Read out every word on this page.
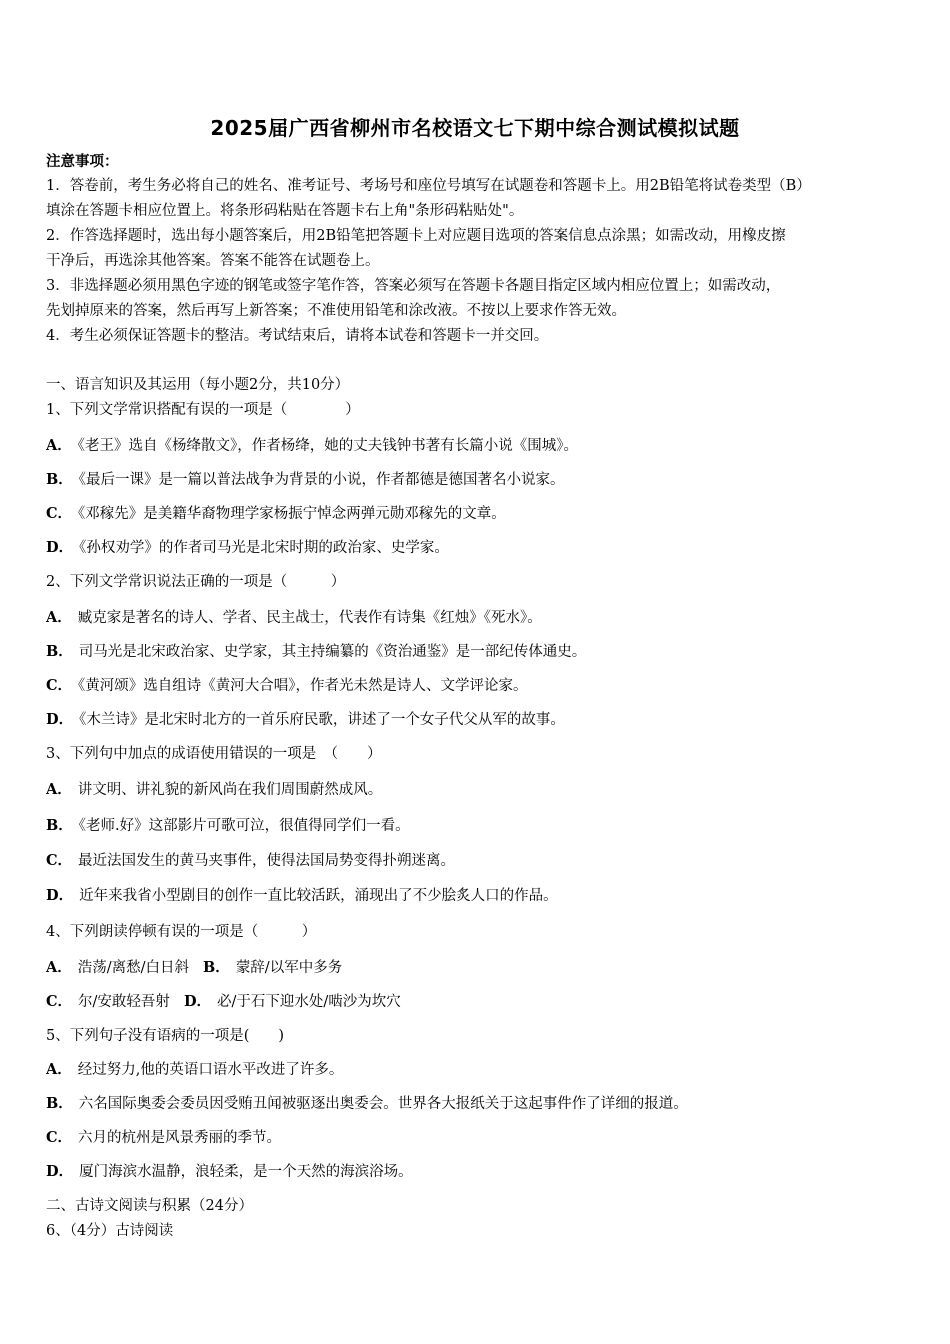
2025届广西省柳州市名校语文七下期中综合测试模拟试题
注意事项：
1．答卷前，考生务必将自己的姓名、准考证号、考场号和座位号填写在试题卷和答题卡上。用2B铅笔将试卷类型（B）
填涂在答题卡相应位置上。将条形码粘贴在答题卡右上角"条形码粘贴处"。
2．作答选择题时，选出每小题答案后，用2B铅笔把答题卡上对应题目选项的答案信息点涂黑；如需改动，用橡皮擦
干净后，再选涂其他答案。答案不能答在试题卷上。
3．非选择题必须用黑色字迹的钢笔或签字笔作答，答案必须写在答题卡各题目指定区域内相应位置上；如需改动，
先划掉原来的答案，然后再写上新答案；不准使用铅笔和涂改液。不按以上要求作答无效。
4．考生必须保证答题卡的整洁。考试结束后，请将本试卷和答题卡一并交回。
一、语言知识及其运用（每小题2分，共10分）
1、下列文学常识搭配有误的一项是（　　　　）
A． 《老王》选自《杨绛散文》，作者杨绛，她的丈夫钱钟书著有长篇小说《围城》。
B． 《最后一课》是一篇以普法战争为背景的小说，作者都德是德国著名小说家。
C． 《邓稼先》是美籍华裔物理学家杨振宁悼念两弹元勋邓稼先的文章。
D． 《孙权劝学》的作者司马光是北宋时期的政治家、史学家。
2、下列文学常识说法正确的一项是（　　　）
A． 臧克家是著名的诗人、学者、民主战士，代表作有诗集《红烛》《死水》。
B． 司马光是北宋政治家、史学家，其主持编纂的《资治通鉴》是一部纪传体通史。
C． 《黄河颂》选自组诗《黄河大合唱》，作者光未然是诗人、文学评论家。
D． 《木兰诗》是北宋时北方的一首乐府民歌，讲述了一个女子代父从军的故事。
3、下列句中加点的成语使用错误的一项是　（　　）
A． 讲文明、讲礼貌的新风尚在我们周围蔚然成风。
B． 《老师.好》这部影片可歌可泣，很值得同学们一看。
C． 最近法国发生的黄马夹事件，使得法国局势变得扑朔迷离。
D． 近年来我省小型剧目的创作一直比较活跃，涌现出了不少脍炙人口的作品。
4、下列朗读停顿有误的一项是（　　　）
A． 浩荡/离愁/白日斜 B． 蒙辞/以军中多务
C． 尔/安敢轻吾射 D． 必/于石下迎水处/啮沙为坎穴
5、下列句子没有语病的一项是(　　)
A． 经过努力,他的英语口语水平改进了许多。
B． 六名国际奥委会委员因受贿丑闻被驱逐出奥委会。世界各大报纸关于这起事件作了详细的报道。
C． 六月的杭州是风景秀丽的季节。
D． 厦门海滨水温静，浪轻柔，是一个天然的海滨浴场。
二、古诗文阅读与积累（24分）
6、（4分）古诗阅读
